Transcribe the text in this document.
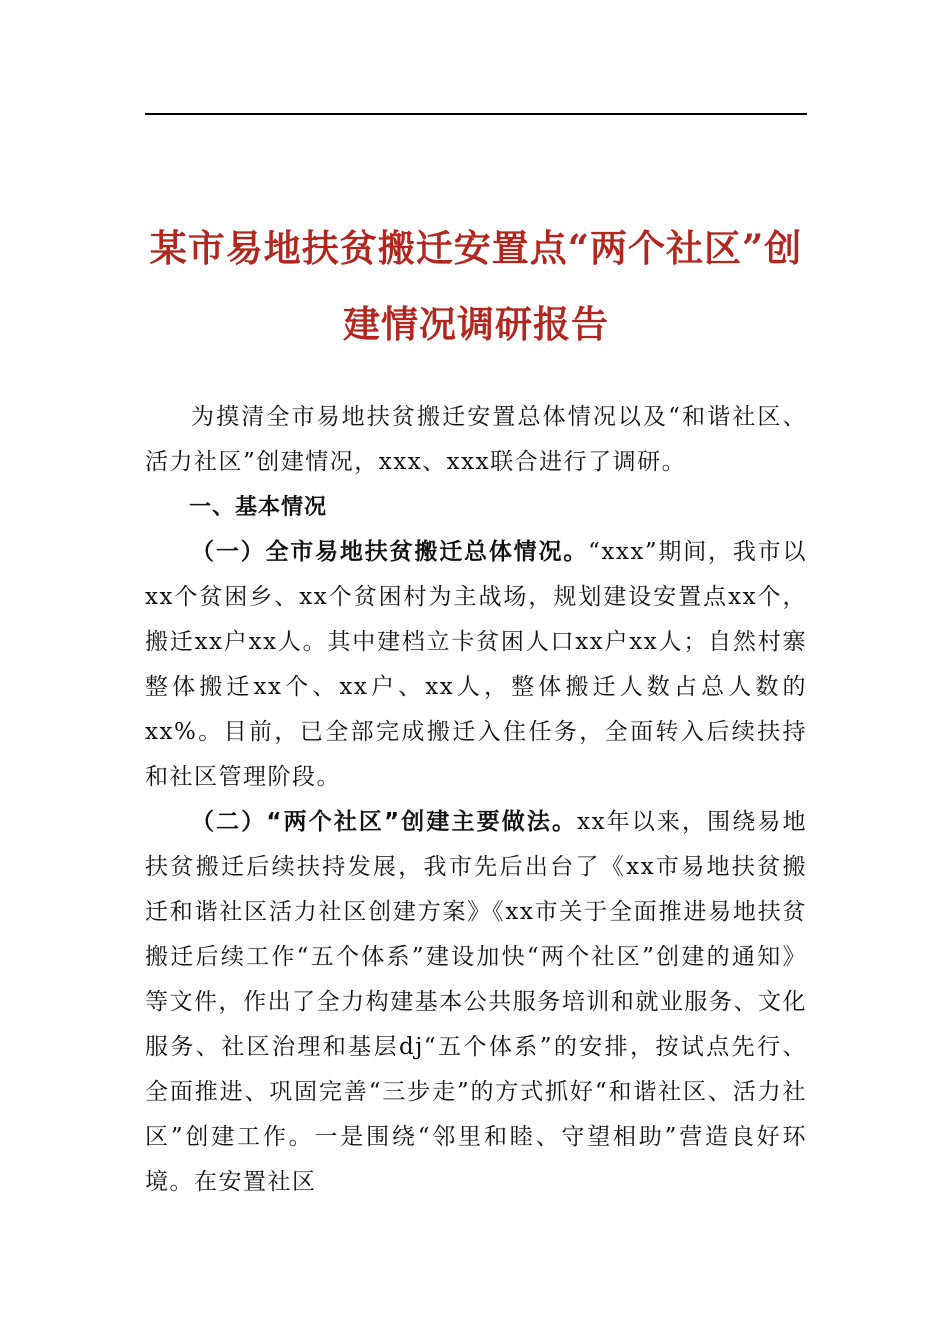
某市易地扶贫搬迁安置点“两个社区”创
建情况调研报告

为摸清全市易地扶贫搬迁安置总体情况以及“和谐社区、活力社区”创建情况，xxx、xxx联合进行了调研。

一、基本情况

（一）全市易地扶贫搬迁总体情况。“xxx”期间，我市以xx个贫困乡、xx个贫困村为主战场，规划建设安置点xx个，搬迁xx户xx人。其中建档立卡贫困人口xx户xx人；自然村寨整体搬迁xx个、xx户、xx人，整体搬迁人数占总人数的xx%。目前，已全部完成搬迁入住任务，全面转入后续扶持和社区管理阶段。

（二）“两个社区”创建主要做法。xx年以来，围绕易地扶贫搬迁后续扶持发展，我市先后出台了《xx市易地扶贫搬迁和谐社区活力社区创建方案》《xx市关于全面推进易地扶贫搬迁后续工作“五个体系”建设加快“两个社区”创建的通知》等文件，作出了全力构建基本公共服务培训和就业服务、文化服务、社区治理和基层dj“五个体系”的安排，按试点先行、全面推进、巩固完善“三步走”的方式抓好“和谐社区、活力社区”创建工作。一是围绕“邻里和睦、守望相助”营造良好环境。在安置社区
